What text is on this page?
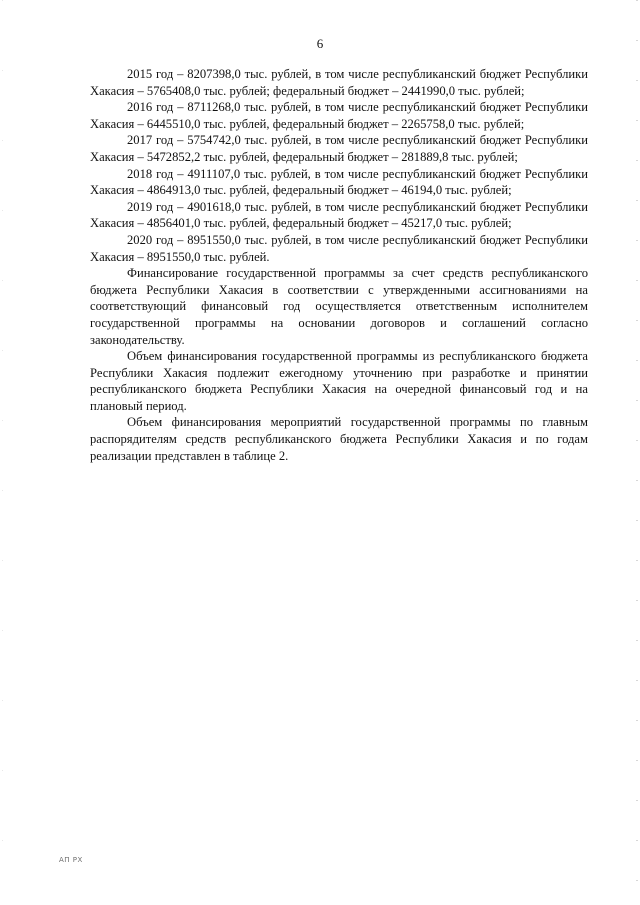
6

2015 год – 8207398,0 тыс. рублей, в том числе республиканский бюджет Республики Хакасия – 5765408,0 тыс. рублей; федеральный бюджет – 2441990,0 тыс. рублей;

2016 год – 8711268,0 тыс. рублей, в том числе республиканский бюджет Республики Хакасия – 6445510,0 тыс. рублей, федеральный бюджет – 2265758,0 тыс. рублей;

2017 год – 5754742,0 тыс. рублей, в том числе республиканский бюджет Республики Хакасия – 5472852,2 тыс. рублей, федеральный бюджет – 281889,8 тыс. рублей;

2018 год – 4911107,0 тыс. рублей, в том числе республиканский бюджет Республики Хакасия – 4864913,0 тыс. рублей, федеральный бюджет – 46194,0 тыс. рублей;

2019 год – 4901618,0 тыс. рублей, в том числе республиканский бюджет Республики Хакасия – 4856401,0 тыс. рублей, федеральный бюджет – 45217,0 тыс. рублей;

2020 год – 8951550,0 тыс. рублей, в том числе республиканский бюджет Республики Хакасия – 8951550,0 тыс. рублей.

Финансирование государственной программы за счет средств республиканского бюджета Республики Хакасия в соответствии с утвержденными ассигнованиями на соответствующий финансовый год осуществляется ответственным исполнителем государственной программы на основании договоров и соглашений согласно законодательству.

Объем финансирования государственной программы из республиканского бюджета Республики Хакасия подлежит ежегодному уточнению при разработке и принятии республиканского бюджета Республики Хакасия на очередной финансовый год и на плановый период.

Объем финансирования мероприятий государственной программы по главным распорядителям средств республиканского бюджета Республики Хакасия и по годам реализации представлен в таблице 2.

АП РХ
